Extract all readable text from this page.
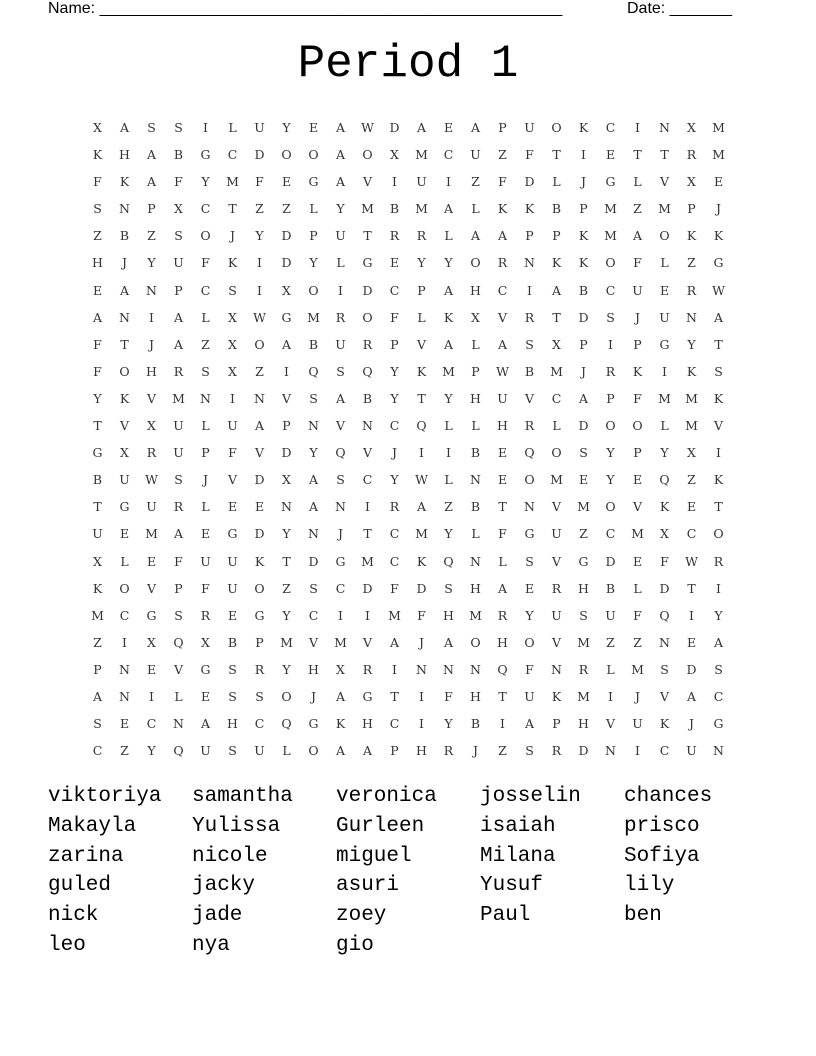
Name: ____________________________________________________	Date: _______
Period 1
X	A	S	S	I	L	U	Y	E	A	W	D	A	E	A	P	U	O	K	C	I	N	X	M
K	H	A	B	G	C	D	O	O	A	O	X	M	C	U	Z	F	T	I	E	T	T	R	M
F	K	A	F	Y	M	F	E	G	A	V	I	U	I	Z	F	D	L	J	G	L	V	X	E
S	N	P	X	C	T	Z	Z	L	Y	M	B	M	A	L	K	K	B	P	M	Z	M	P	J
Z	B	Z	S	O	J	Y	D	P	U	T	R	R	L	A	A	P	P	K	M	A	O	K	K
H	J	Y	U	F	K	I	D	Y	L	G	E	Y	Y	O	R	N	K	K	O	F	L	Z	G
E	A	N	P	C	S	I	X	O	I	D	C	P	A	H	C	I	A	B	C	U	E	R	W
A	N	I	A	L	X	W	G	M	R	O	F	L	K	X	V	R	T	D	S	J	U	N	A
F	T	J	A	Z	X	O	A	B	U	R	P	V	A	L	A	S	X	P	I	P	G	Y	T
F	O	H	R	S	X	Z	I	Q	S	Q	Y	K	M	P	W	B	M	J	R	K	I	K	S
Y	K	V	M	N	I	N	V	S	A	B	Y	T	Y	H	U	V	C	A	P	F	M	M	K
T	V	X	U	L	U	A	P	N	V	N	C	Q	L	L	H	R	L	D	O	O	L	M	V
G	X	R	U	P	F	V	D	Y	Q	V	J	I	I	B	E	Q	O	S	Y	P	Y	X	I
B	U	W	S	J	V	D	X	A	S	C	Y	W	L	N	E	O	M	E	Y	E	Q	Z	K
T	G	U	R	L	E	E	N	A	N	I	R	A	Z	B	T	N	V	M	O	V	K	E	T
U	E	M	A	E	G	D	Y	N	J	T	C	M	Y	L	F	G	U	Z	C	M	X	C	O
X	L	E	F	U	U	K	T	D	G	M	C	K	Q	N	L	S	V	G	D	E	F	W	R
K	O	V	P	F	U	O	Z	S	C	D	F	D	S	H	A	E	R	H	B	L	D	T	I
M	C	G	S	R	E	G	Y	C	I	I	M	F	H	M	R	Y	U	S	U	F	Q	I	Y
Z	I	X	Q	X	B	P	M	V	M	V	A	J	A	O	H	O	V	M	Z	Z	N	E	A
P	N	E	V	G	S	R	Y	H	X	R	I	N	N	N	Q	F	N	R	L	M	S	D	S
A	N	I	L	E	S	S	O	J	A	G	T	I	F	H	T	U	K	M	I	J	V	A	C
S	E	C	N	A	H	C	Q	G	K	H	C	I	Y	B	I	A	P	H	V	U	K	J	G
C	Z	Y	Q	U	S	U	L	O	A	A	P	H	R	J	Z	S	R	D	N	I	C	U	N
viktoriya	samantha	veronica	josselin	chances
Makayla	Yulissa	Gurleen	isaiah	prisco
zarina	nicole	miguel	Milana	Sofiya
guled	jacky	asuri	Yusuf	lily
nick	jade	zoey	Paul	ben
leo	nya	gio
